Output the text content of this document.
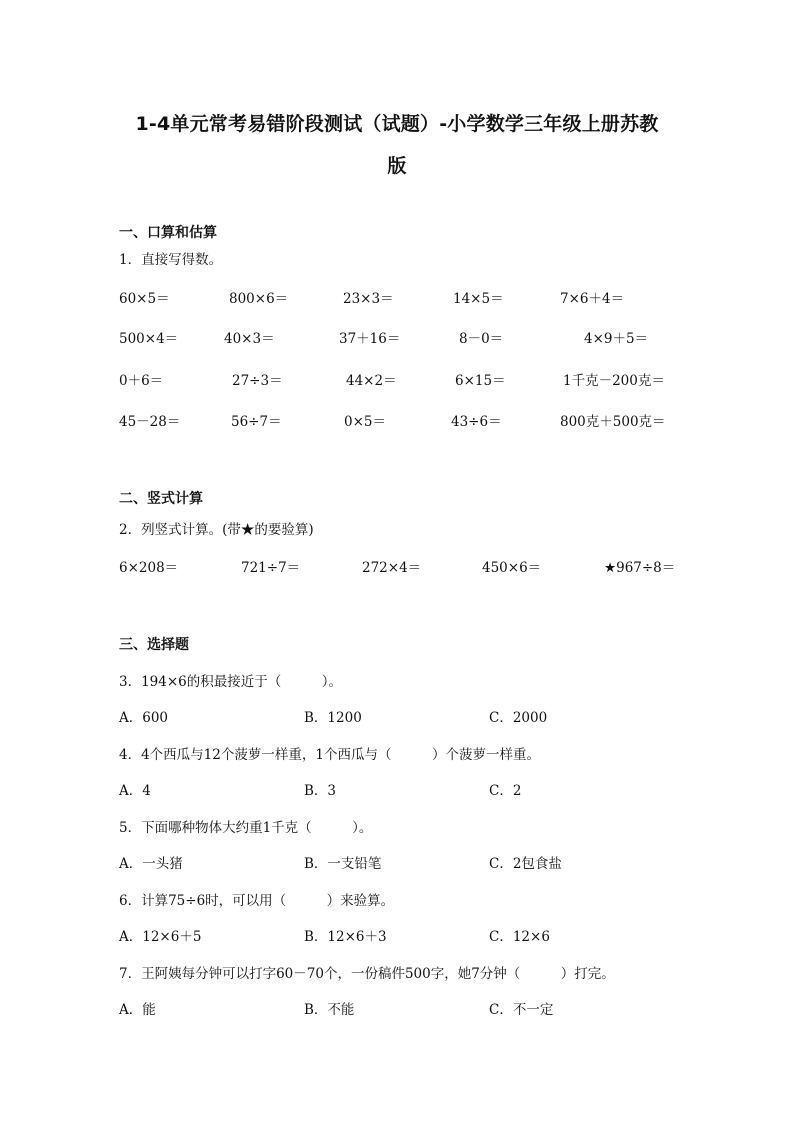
1-4单元常考易错阶段测试（试题）-小学数学三年级上册苏教
版
一、口算和估算
1．直接写得数。
60×5＝	800×6＝	23×3＝	14×5＝	7×6＋4＝
500×4＝	40×3＝	37＋16＝	8－0＝	4×9＋5＝
0＋6＝	27÷3＝	44×2＝	6×15＝	1千克－200克＝
45－28＝	56÷7＝	0×5＝	43÷6＝	800克＋500克＝
二、竖式计算
2．列竖式计算。(带★的要验算)
6×208＝	721÷7＝	272×4＝	450×6＝	★967÷8＝
三、选择题
3．194×6的积最接近于（　　　）。
A．600	B．1200	C．2000
4．4个西瓜与12个菠萝一样重，1个西瓜与（　　　）个菠萝一样重。
A．4	B．3	C．2
5．下面哪种物体大约重1千克（　　　）。
A．一头猪	B．一支铅笔	C．2包食盐
6．计算75÷6时，可以用（　　　）来验算。
A．12×6＋5	B．12×6＋3	C．12×6
7．王阿姨每分钟可以打字60－70个，一份稿件500字，她7分钟（　　　）打完。
A．能	B．不能	C．不一定
